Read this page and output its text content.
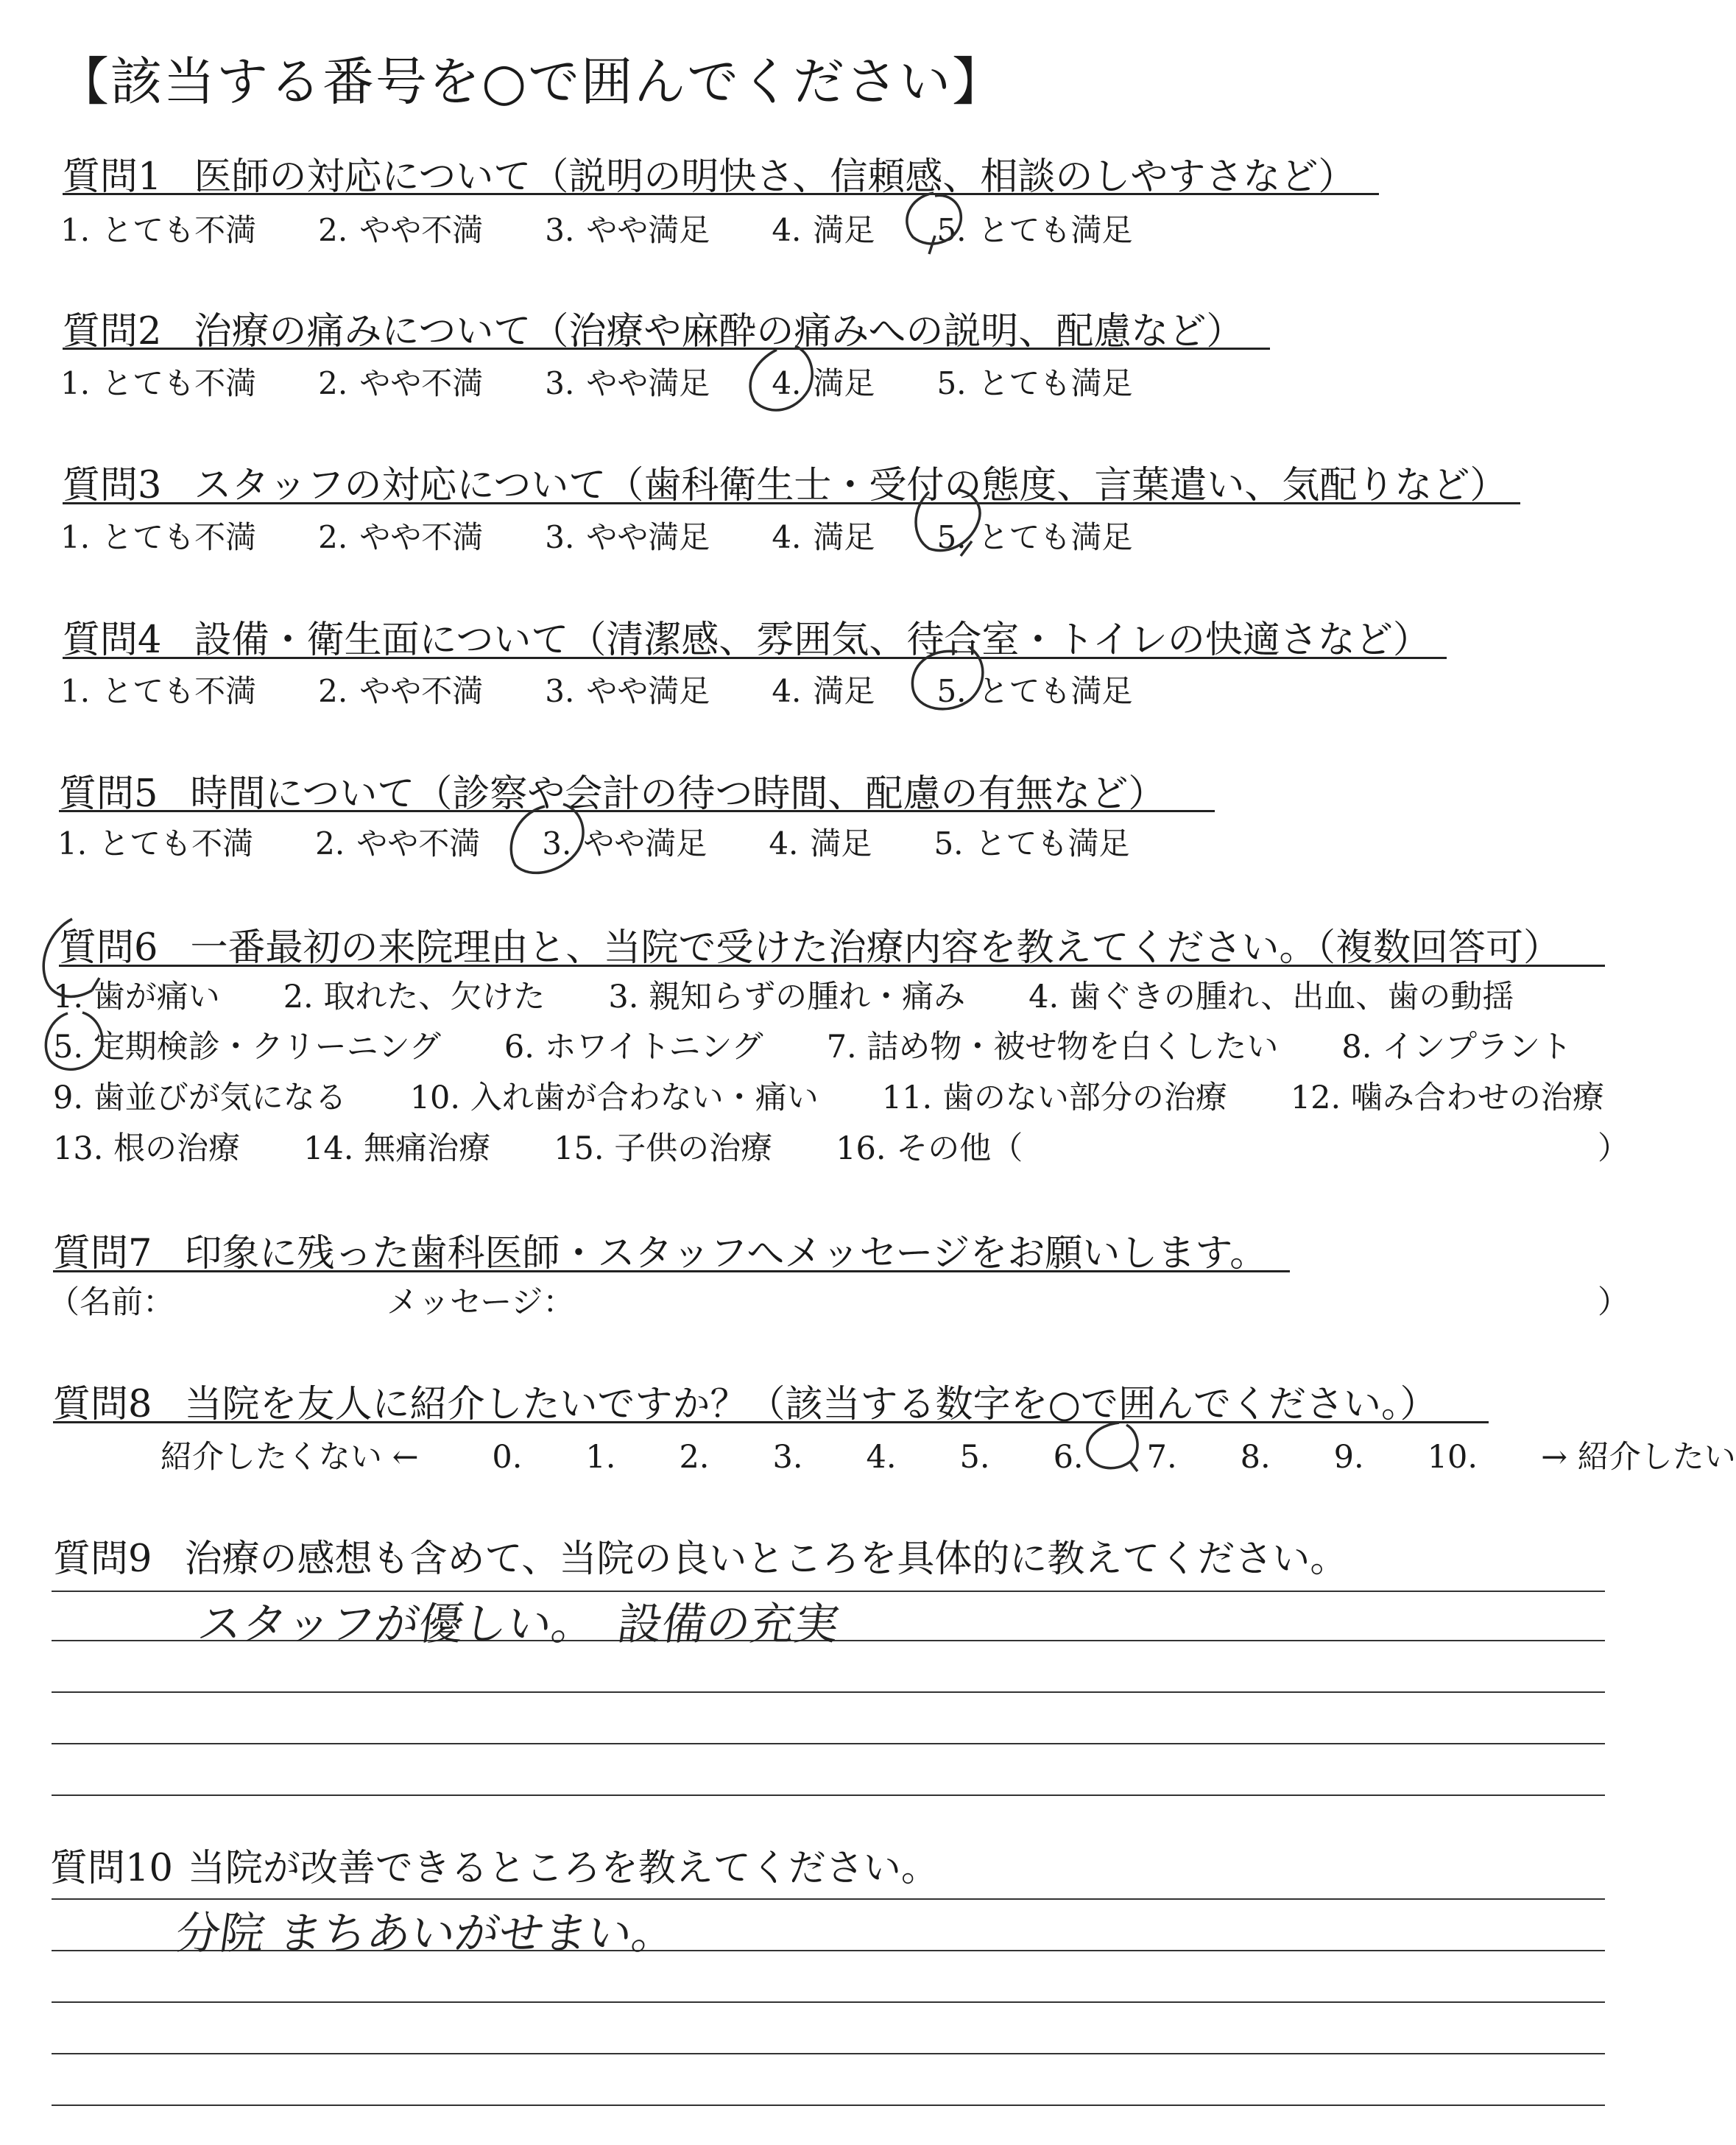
【該当する番号を○で囲んでください】
質問1 医師の対応について（説明の明快さ、信頼感、相談のしやすさなど）
1. とても不満　　 2. やや不満　　 3. やや満足　　 4. 満足　　 5. とても満足
質問2 治療の痛みについて（治療や麻酔の痛みへの説明、配慮など）
1. とても不満　　 2. やや不満　　 3. やや満足　　 4. 満足　　 5. とても満足
質問3 スタッフの対応について（歯科衛生士・受付の態度、言葉遣い、気配りなど）
1. とても不満　　 2. やや不満　　 3. やや満足　　 4. 満足　　 5. とても満足
質問4 設備・衛生面について（清潔感、雰囲気、待合室・トイレの快適さなど）
1. とても不満　　 2. やや不満　　 3. やや満足　　 4. 満足　　 5. とても満足
質問5 時間について（診察や会計の待つ時間、配慮の有無など）
1. とても不満　　 2. やや不満　　 3. やや満足　　 4. 満足　　 5. とても満足
質問6 一番最初の来院理由と、当院で受けた治療内容を教えてください。（複数回答可）
1. 歯が痛い　　 2. 取れた、欠けた　　 3. 親知らずの腫れ・痛み　　 4. 歯ぐきの腫れ、出血、歯の動揺
5. 定期検診・クリーニング　　 6. ホワイトニング　　 7. 詰め物・被せ物を白くしたい　　 8. インプラント
9. 歯並びが気になる　　 10. 入れ歯が合わない・痛い　　 11. 歯のない部分の治療　　 12. 噛み合わせの治療
13. 根の治療　　 14. 無痛治療　　 15. 子供の治療　　 16. その他（	）
質問7 印象に残った歯科医師・スタッフへメッセージをお願いします。
（名前：	メッセージ：	）
質問8 当院を友人に紹介したいですか？（該当する数字を○で囲んでください。）
紹介したくない ← 　　 0.　　 1.　　 2.　　 3.　　 4.　　 5.　　 6.　　 7.　　 8.　　 9.　　 10.　　 → 紹介したい
質問9 治療の感想も含めて、当院の良いところを具体的に教えてください。
スタッフが優しい。　設備の充実
質問10 当院が改善できるところを教えてください。
分院 まちあいがせまい。
